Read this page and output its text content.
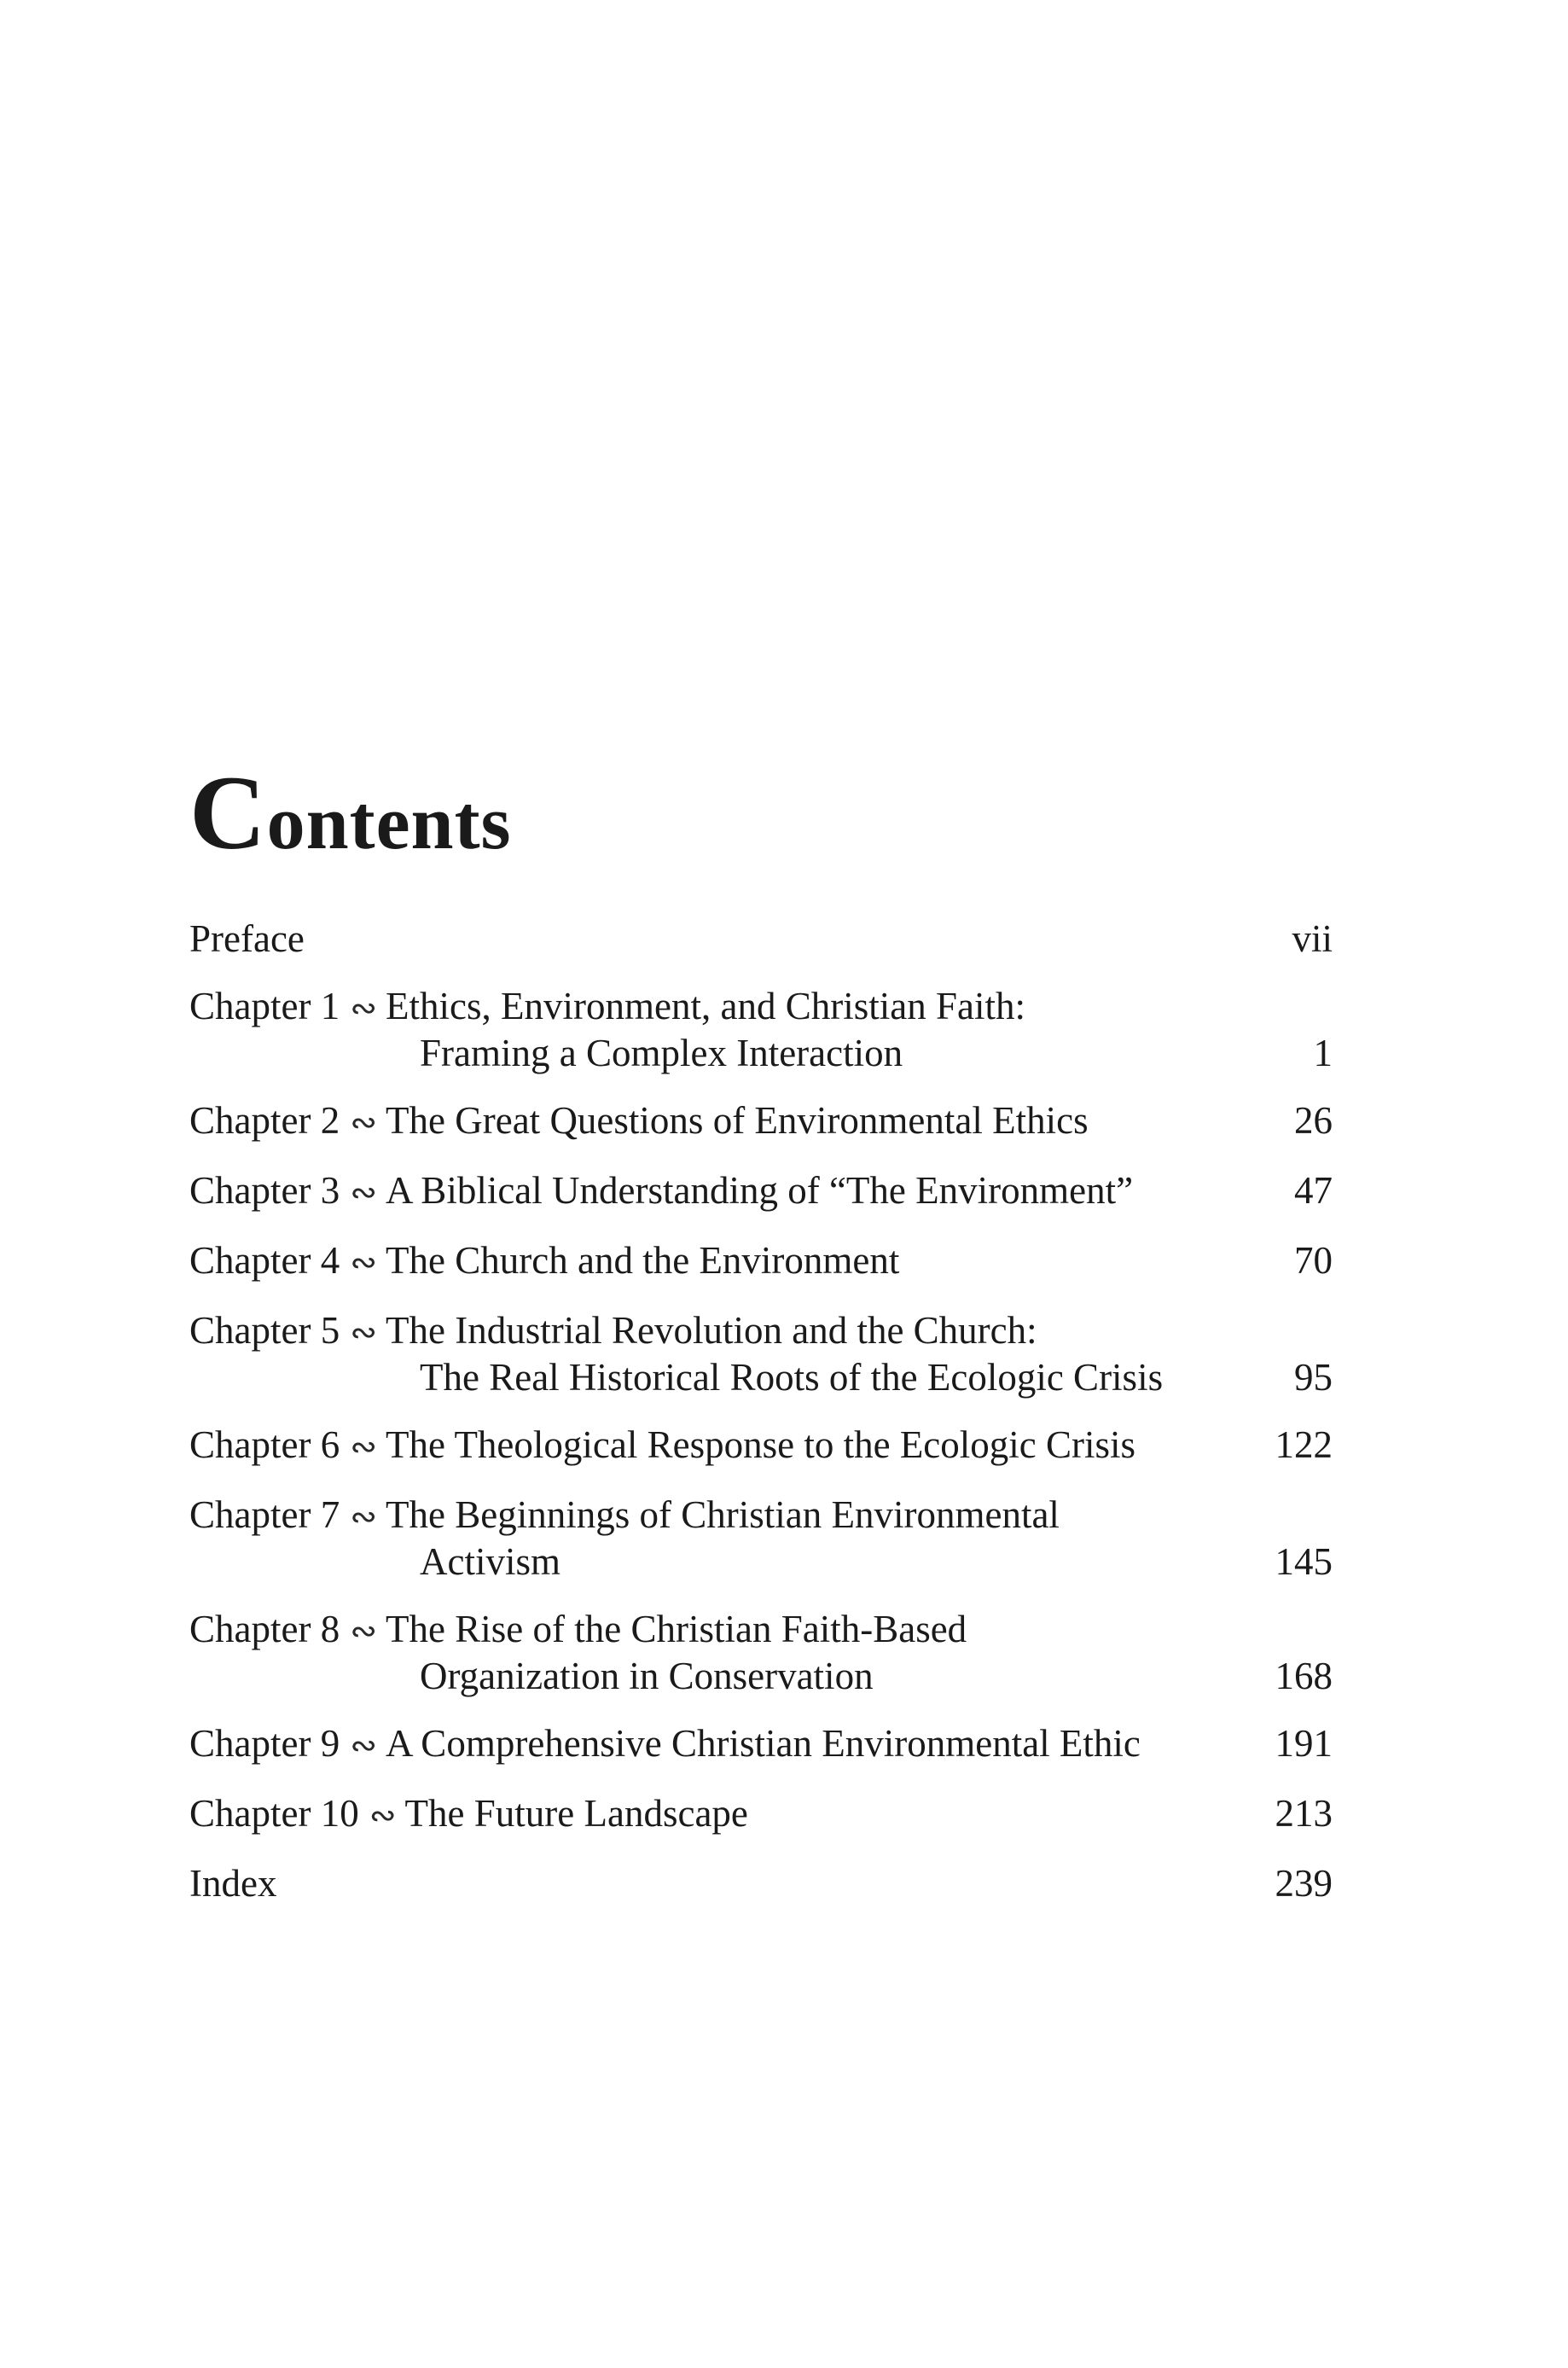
Contents
Preface	vii
Chapter 1 ∾ Ethics, Environment, and Christian Faith:
Framing a Complex Interaction	1
Chapter 2 ∾ The Great Questions of Environmental Ethics	26
Chapter 3 ∾ A Biblical Understanding of “The Environment”	47
Chapter 4 ∾ The Church and the Environment	70
Chapter 5 ∾ The Industrial Revolution and the Church:
The Real Historical Roots of the Ecologic Crisis	95
Chapter 6 ∾ The Theological Response to the Ecologic Crisis	122
Chapter 7 ∾ The Beginnings of Christian Environmental
Activism	145
Chapter 8 ∾ The Rise of the Christian Faith-Based
Organization in Conservation	168
Chapter 9 ∾ A Comprehensive Christian Environmental Ethic	191
Chapter 10 ∾ The Future Landscape	213
Index	239
